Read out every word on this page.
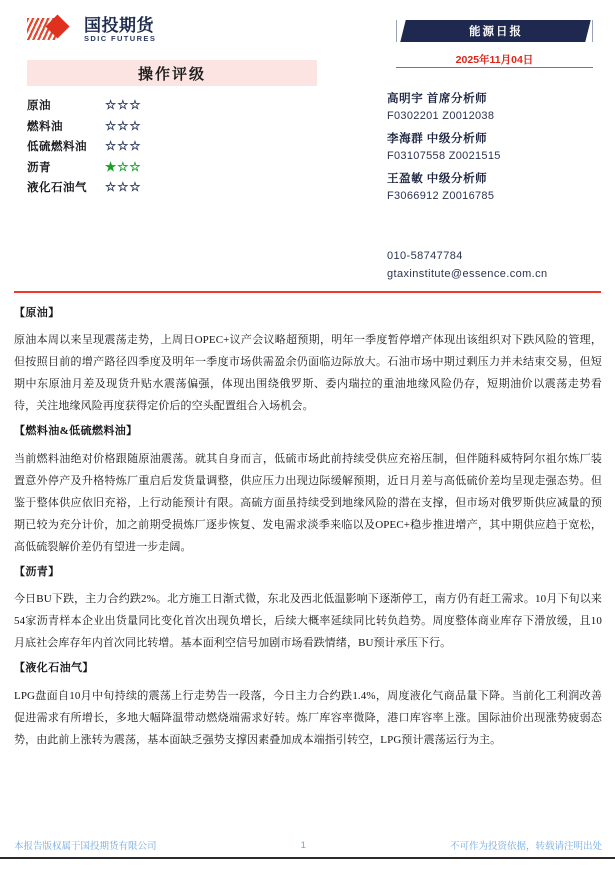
国投期货
SDIC FUTURES
操作评级
原油	☆☆☆
燃料油	☆☆☆
低硫燃料油	☆☆☆
沥青	★☆☆
液化石油气	☆☆☆
能源日报
2025年11月04日
高明宇 首席分析师
F0302201 Z0012038
李海群 中级分析师
F03107558 Z0021515
王盈敏 中级分析师
F3066912 Z0016785
010-58747784
gtaxinstitute@essence.com.cn

【原油】

原油本周以来呈现震荡走势，上周日OPEC+议产会议略超预期，明年一季度暂停增产体现出该组织对下跌风险的管理，但按照目前的增产路径四季度及明年一季度市场供需盈余仍面临边际放大。石油市场中期过剩压力并未结束交易，但短期中东原油月差及现货升贴水震荡偏强，体现出围绕俄罗斯、委内瑞拉的重油地缘风险仍存，短期油价以震荡走势看待，关注地缘风险再度获得定价后的空头配置组合入场机会。

【燃料油&低硫燃料油】

当前燃料油绝对价格跟随原油震荡。就其自身而言，低硫市场此前持续受供应充裕压制，但伴随科威特阿尔祖尔炼厂装置意外停产及升格特炼厂重启后发货量调整，供应压力出现边际缓解预期，近日月差与高低硫价差均呈现走强态势。但鉴于整体供应依旧充裕，上行动能预计有限。高硫方面虽持续受到地缘风险的潜在支撑，但市场对俄罗斯供应减量的预期已较为充分计价，加之前期受损炼厂逐步恢复、发电需求淡季来临以及OPEC+稳步推进增产，其中期供应趋于宽松，高低硫裂解价差仍有望进一步走阔。

【沥青】

今日BU下跌，主力合约跌2%。北方施工日渐式微，东北及西北低温影响下逐渐停工，南方仍有赶工需求。10月下旬以来54家沥青样本企业出货量同比变化首次出现负增长，后续大概率延续同比转负趋势。周度整体商业库存下滑放缓，且10月底社会库存年内首次同比转增。基本面利空信号加剧市场看跌情绪，BU预计承压下行。

【液化石油气】

LPG盘面自10月中旬持续的震荡上行走势告一段落，今日主力合约跌1.4%，周度液化气商品量下降。当前化工利润改善促进需求有所增长，多地大幅降温带动燃烧端需求好转。炼厂库容率微降，港口库容率上涨。国际油价出现涨势疲弱态势，由此前上涨转为震荡，基本面缺乏强势支撑因素叠加成本端指引转空，LPG预计震荡运行为主。

本报告版权属于国投期货有限公司	1	不可作为投资依据，转载请注明出处
